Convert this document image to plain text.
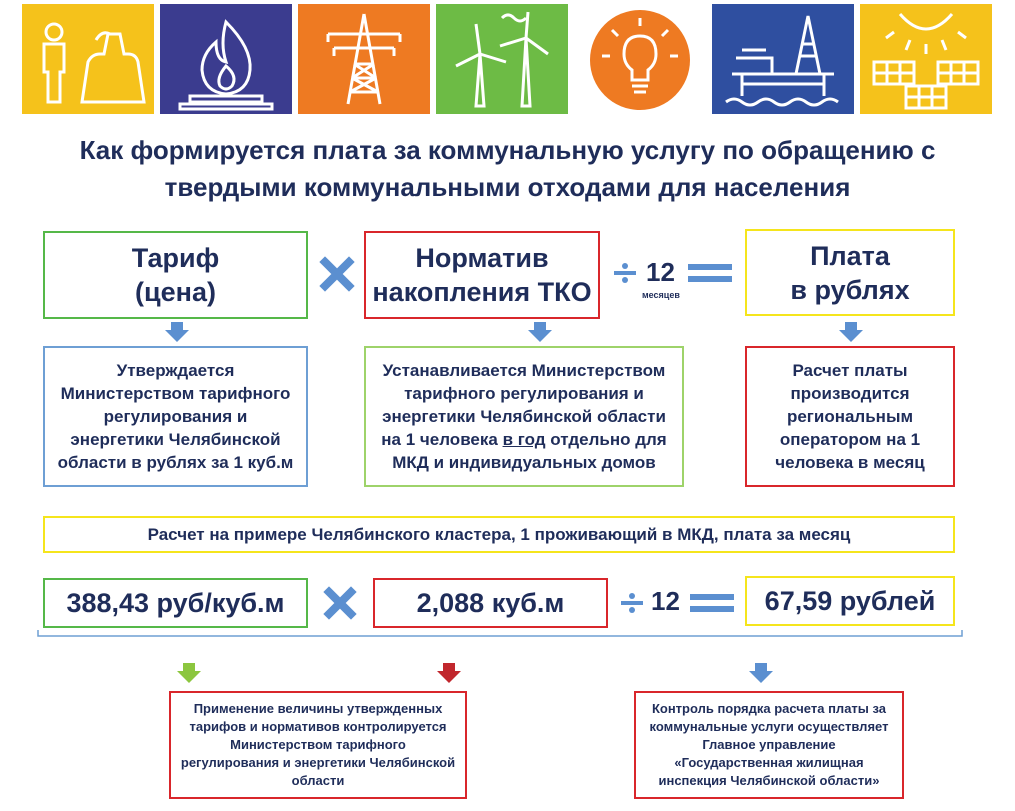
Как формируется плата за коммунальную услугу по обращению с
твердыми коммунальными отходами для населения
Тариф
(цена)
Норматив
накопления ТКО
12
месяцев
Плата
в рублях
Утверждается
Министерством тарифного
регулирования и
энергетики Челябинской
области в рублях за 1 куб.м
Устанавливается Министерством
тарифного регулирования и
энергетики Челябинской области
на 1 человека в год отдельно для
МКД и индивидуальных домов
Расчет платы
производится
региональным
оператором на 1
человека в месяц
Расчет на примере Челябинского кластера, 1 проживающий в МКД, плата за месяц
388,43 руб/куб.м	2,088 куб.м	12	67,59 рублей
Применение величины утвержденных
тарифов и нормативов контролируется
Министерством тарифного
регулирования и энергетики Челябинской
области
Контроль порядка расчета платы за
коммунальные услуги осуществляет
Главное управление
«Государственная жилищная
инспекция Челябинской области»
